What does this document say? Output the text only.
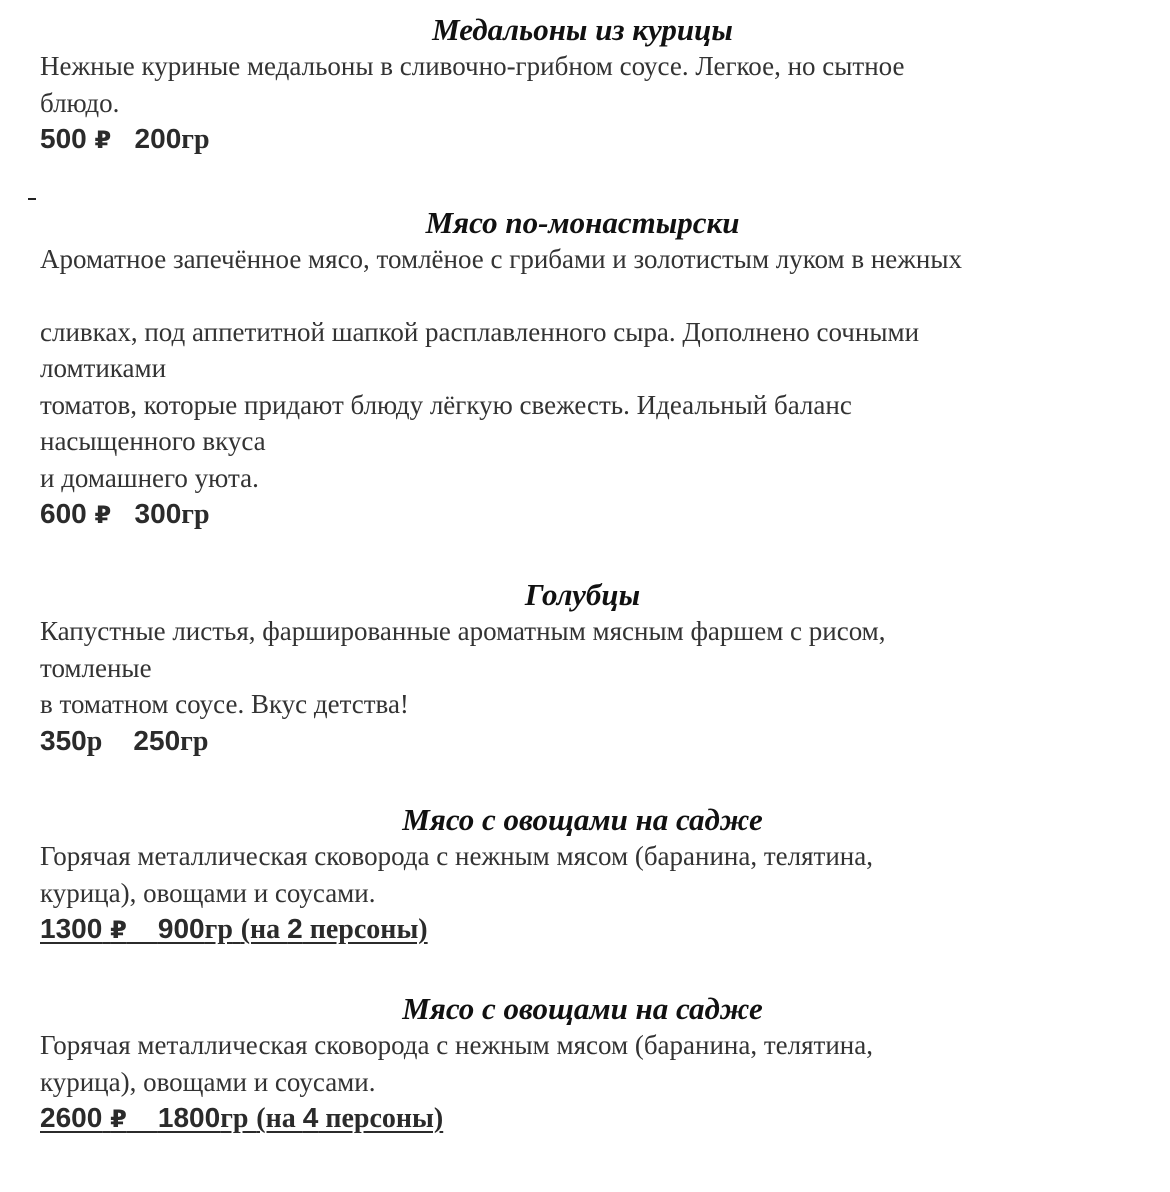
Медальоны из курицы
Нежные куриные медальоны в сливочно-грибном соусе. Легкое, но сытное
блюдо.
500 ₽ 200гр
Мясо по-монастырски
Ароматное запечённое мясо, томлёное с грибами и золотистым луком в нежных
сливках, под аппетитной шапкой расплавленного сыра. Дополнено сочными
ломтиками
томатов, которые придают блюду лёгкую свежесть. Идеальный баланс
насыщенного вкуса
и домашнего уюта.
600 ₽ 300гр
Голубцы
Капустные листья, фаршированные ароматным мясным фаршем с рисом,
томленые
в томатном соусе. Вкус детства!
350р 250гр
Мясо с овощами на садже
Горячая металлическая сковорода с нежным мясом (баранина, телятина,
курица), овощами и соусами.
1300 ₽ 900гр (на 2 персоны)
Мясо с овощами на садже
Горячая металлическая сковорода с нежным мясом (баранина, телятина,
курица), овощами и соусами.
2600 ₽ 1800гр (на 4 персоны)
